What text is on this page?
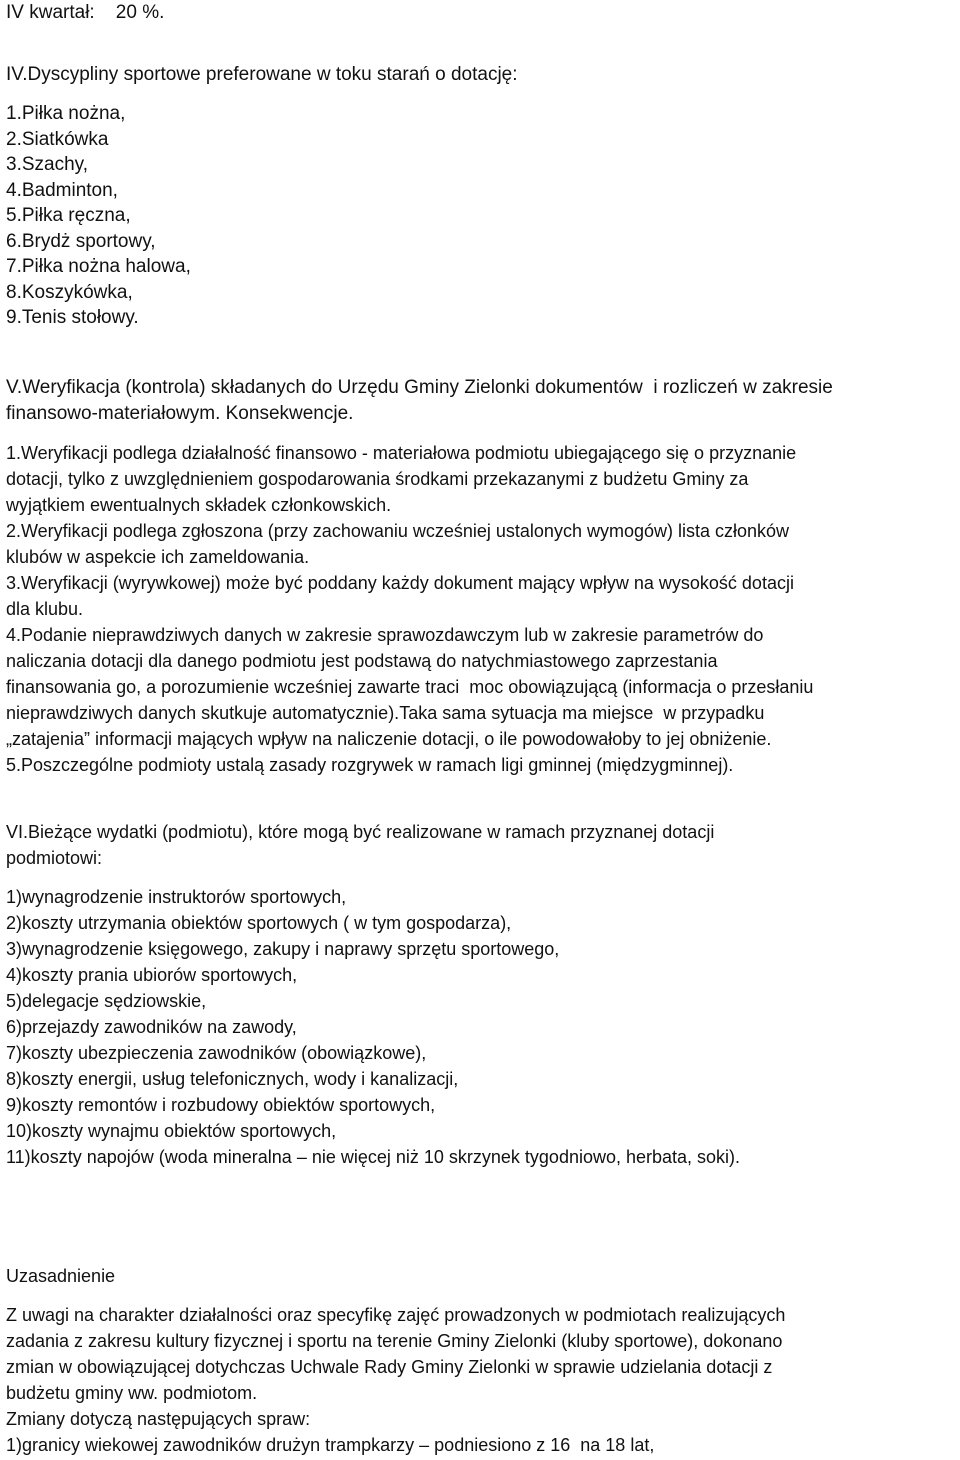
IV kwartał:    20 %.
IV.Dyscypliny sportowe preferowane w toku starań o dotację:
1.Piłka nożna,
2.Siatkówka
3.Szachy,
4.Badminton,
5.Piłka ręczna,
6.Brydż sportowy,
7.Piłka nożna halowa,
8.Koszykówka,
9.Tenis stołowy.
V.Weryfikacja (kontrola) składanych do Urzędu Gminy Zielonki dokumentów  i rozliczeń w zakresie
finansowo-materiałowym. Konsekwencje.
1.Weryfikacji podlega działalność finansowo - materiałowa podmiotu ubiegającego się o przyznanie
dotacji, tylko z uwzględnieniem gospodarowania środkami przekazanymi z budżetu Gminy za
wyjątkiem ewentualnych składek członkowskich.
2.Weryfikacji podlega zgłoszona (przy zachowaniu wcześniej ustalonych wymogów) lista członków
klubów w aspekcie ich zameldowania.
3.Weryfikacji (wyrywkowej) może być poddany każdy dokument mający wpływ na wysokość dotacji
dla klubu.
4.Podanie nieprawdziwych danych w zakresie sprawozdawczym lub w zakresie parametrów do
naliczania dotacji dla danego podmiotu jest podstawą do natychmiastowego zaprzestania
finansowania go, a porozumienie wcześniej zawarte traci  moc obowiązującą (informacja o przesłaniu
nieprawdziwych danych skutkuje automatycznie).Taka sama sytuacja ma miejsce  w przypadku
„zatajenia” informacji mających wpływ na naliczenie dotacji, o ile powodowałoby to jej obniżenie.
5.Poszczególne podmioty ustalą zasady rozgrywek w ramach ligi gminnej (międzygminnej).
VI.Bieżące wydatki (podmiotu), które mogą być realizowane w ramach przyznanej dotacji
podmiotowi:
1)wynagrodzenie instruktorów sportowych,
2)koszty utrzymania obiektów sportowych ( w tym gospodarza),
3)wynagrodzenie księgowego, zakupy i naprawy sprzętu sportowego,
4)koszty prania ubiorów sportowych,
5)delegacje sędziowskie,
6)przejazdy zawodników na zawody,
7)koszty ubezpieczenia zawodników (obowiązkowe),
8)koszty energii, usług telefonicznych, wody i kanalizacji,
9)koszty remontów i rozbudowy obiektów sportowych,
10)koszty wynajmu obiektów sportowych,
11)koszty napojów (woda mineralna – nie więcej niż 10 skrzynek tygodniowo, herbata, soki).
Uzasadnienie
Z uwagi na charakter działalności oraz specyfikę zajęć prowadzonych w podmiotach realizujących
zadania z zakresu kultury fizycznej i sportu na terenie Gminy Zielonki (kluby sportowe), dokonano
zmian w obowiązującej dotychczas Uchwale Rady Gminy Zielonki w sprawie udzielania dotacji z
budżetu gminy ww. podmiotom.
Zmiany dotyczą następujących spraw:
1)granicy wiekowej zawodników drużyn trampkarzy – podniesiono z 16  na 18 lat,
